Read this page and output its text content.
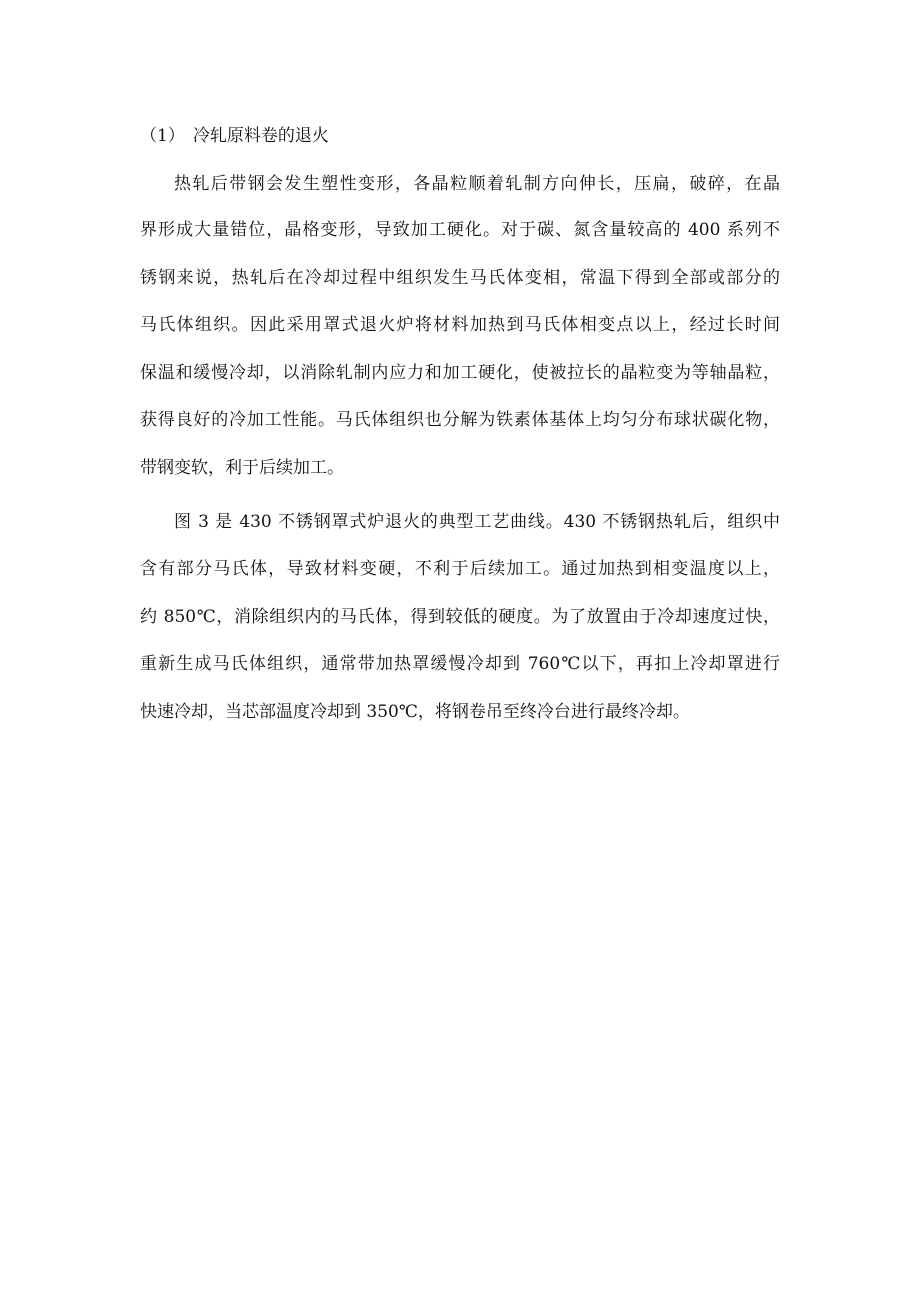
（1） 冷轧原料卷的退火
热轧后带钢会发生塑性变形，各晶粒顺着轧制方向伸长，压扁，破碎，在晶
界形成大量错位，晶格变形，导致加工硬化。对于碳、氮含量较高的 400 系列不
锈钢来说，热轧后在冷却过程中组织发生马氏体变相，常温下得到全部或部分的
马氏体组织。因此采用罩式退火炉将材料加热到马氏体相变点以上，经过长时间
保温和缓慢冷却，以消除轧制内应力和加工硬化，使被拉长的晶粒变为等轴晶粒，
获得良好的冷加工性能。马氏体组织也分解为铁素体基体上均匀分布球状碳化物，
带钢变软，利于后续加工。
图 3 是 430 不锈钢罩式炉退火的典型工艺曲线。430 不锈钢热轧后，组织中
含有部分马氏体，导致材料变硬，不利于后续加工。通过加热到相变温度以上，
约 850℃，消除组织内的马氏体，得到较低的硬度。为了放置由于冷却速度过快，
重新生成马氏体组织，通常带加热罩缓慢冷却到 760℃以下，再扣上冷却罩进行
快速冷却，当芯部温度冷却到 350℃，将钢卷吊至终冷台进行最终冷却。
